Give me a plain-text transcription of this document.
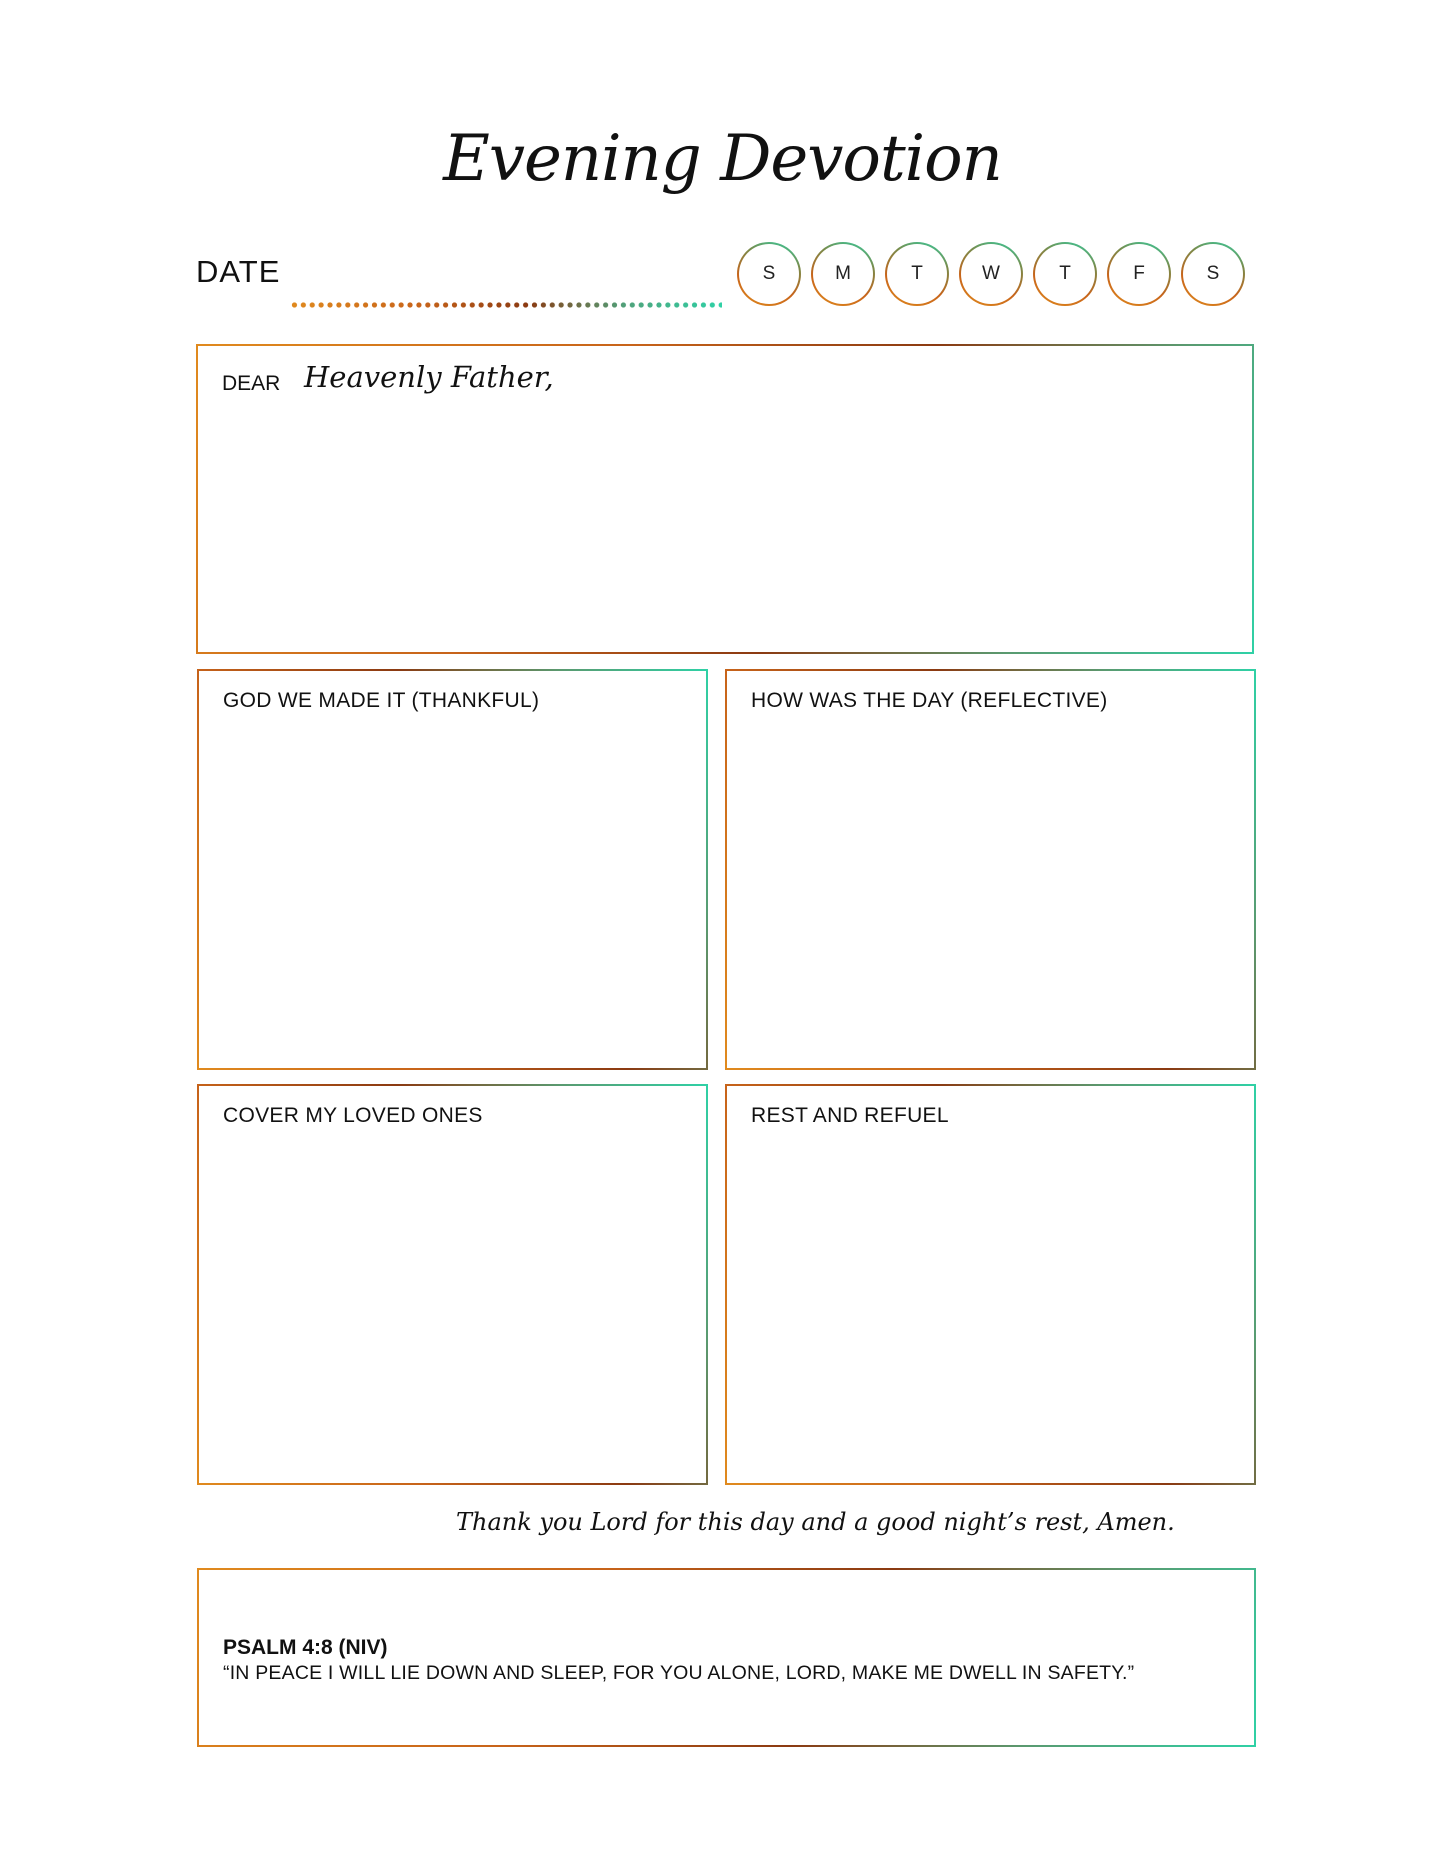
Evening Devotion
DATE	S	M	T	W	T	F	S
DEAR Heavenly Father,
GOD WE MADE IT (THANKFUL)	HOW WAS THE DAY (REFLECTIVE)
COVER MY LOVED ONES	REST AND REFUEL
Thank you Lord for this day and a good night’s rest, Amen.
PSALM 4:8 (NIV)
“IN PEACE I WILL LIE DOWN AND SLEEP, FOR YOU ALONE, LORD, MAKE ME DWELL IN SAFETY.”
